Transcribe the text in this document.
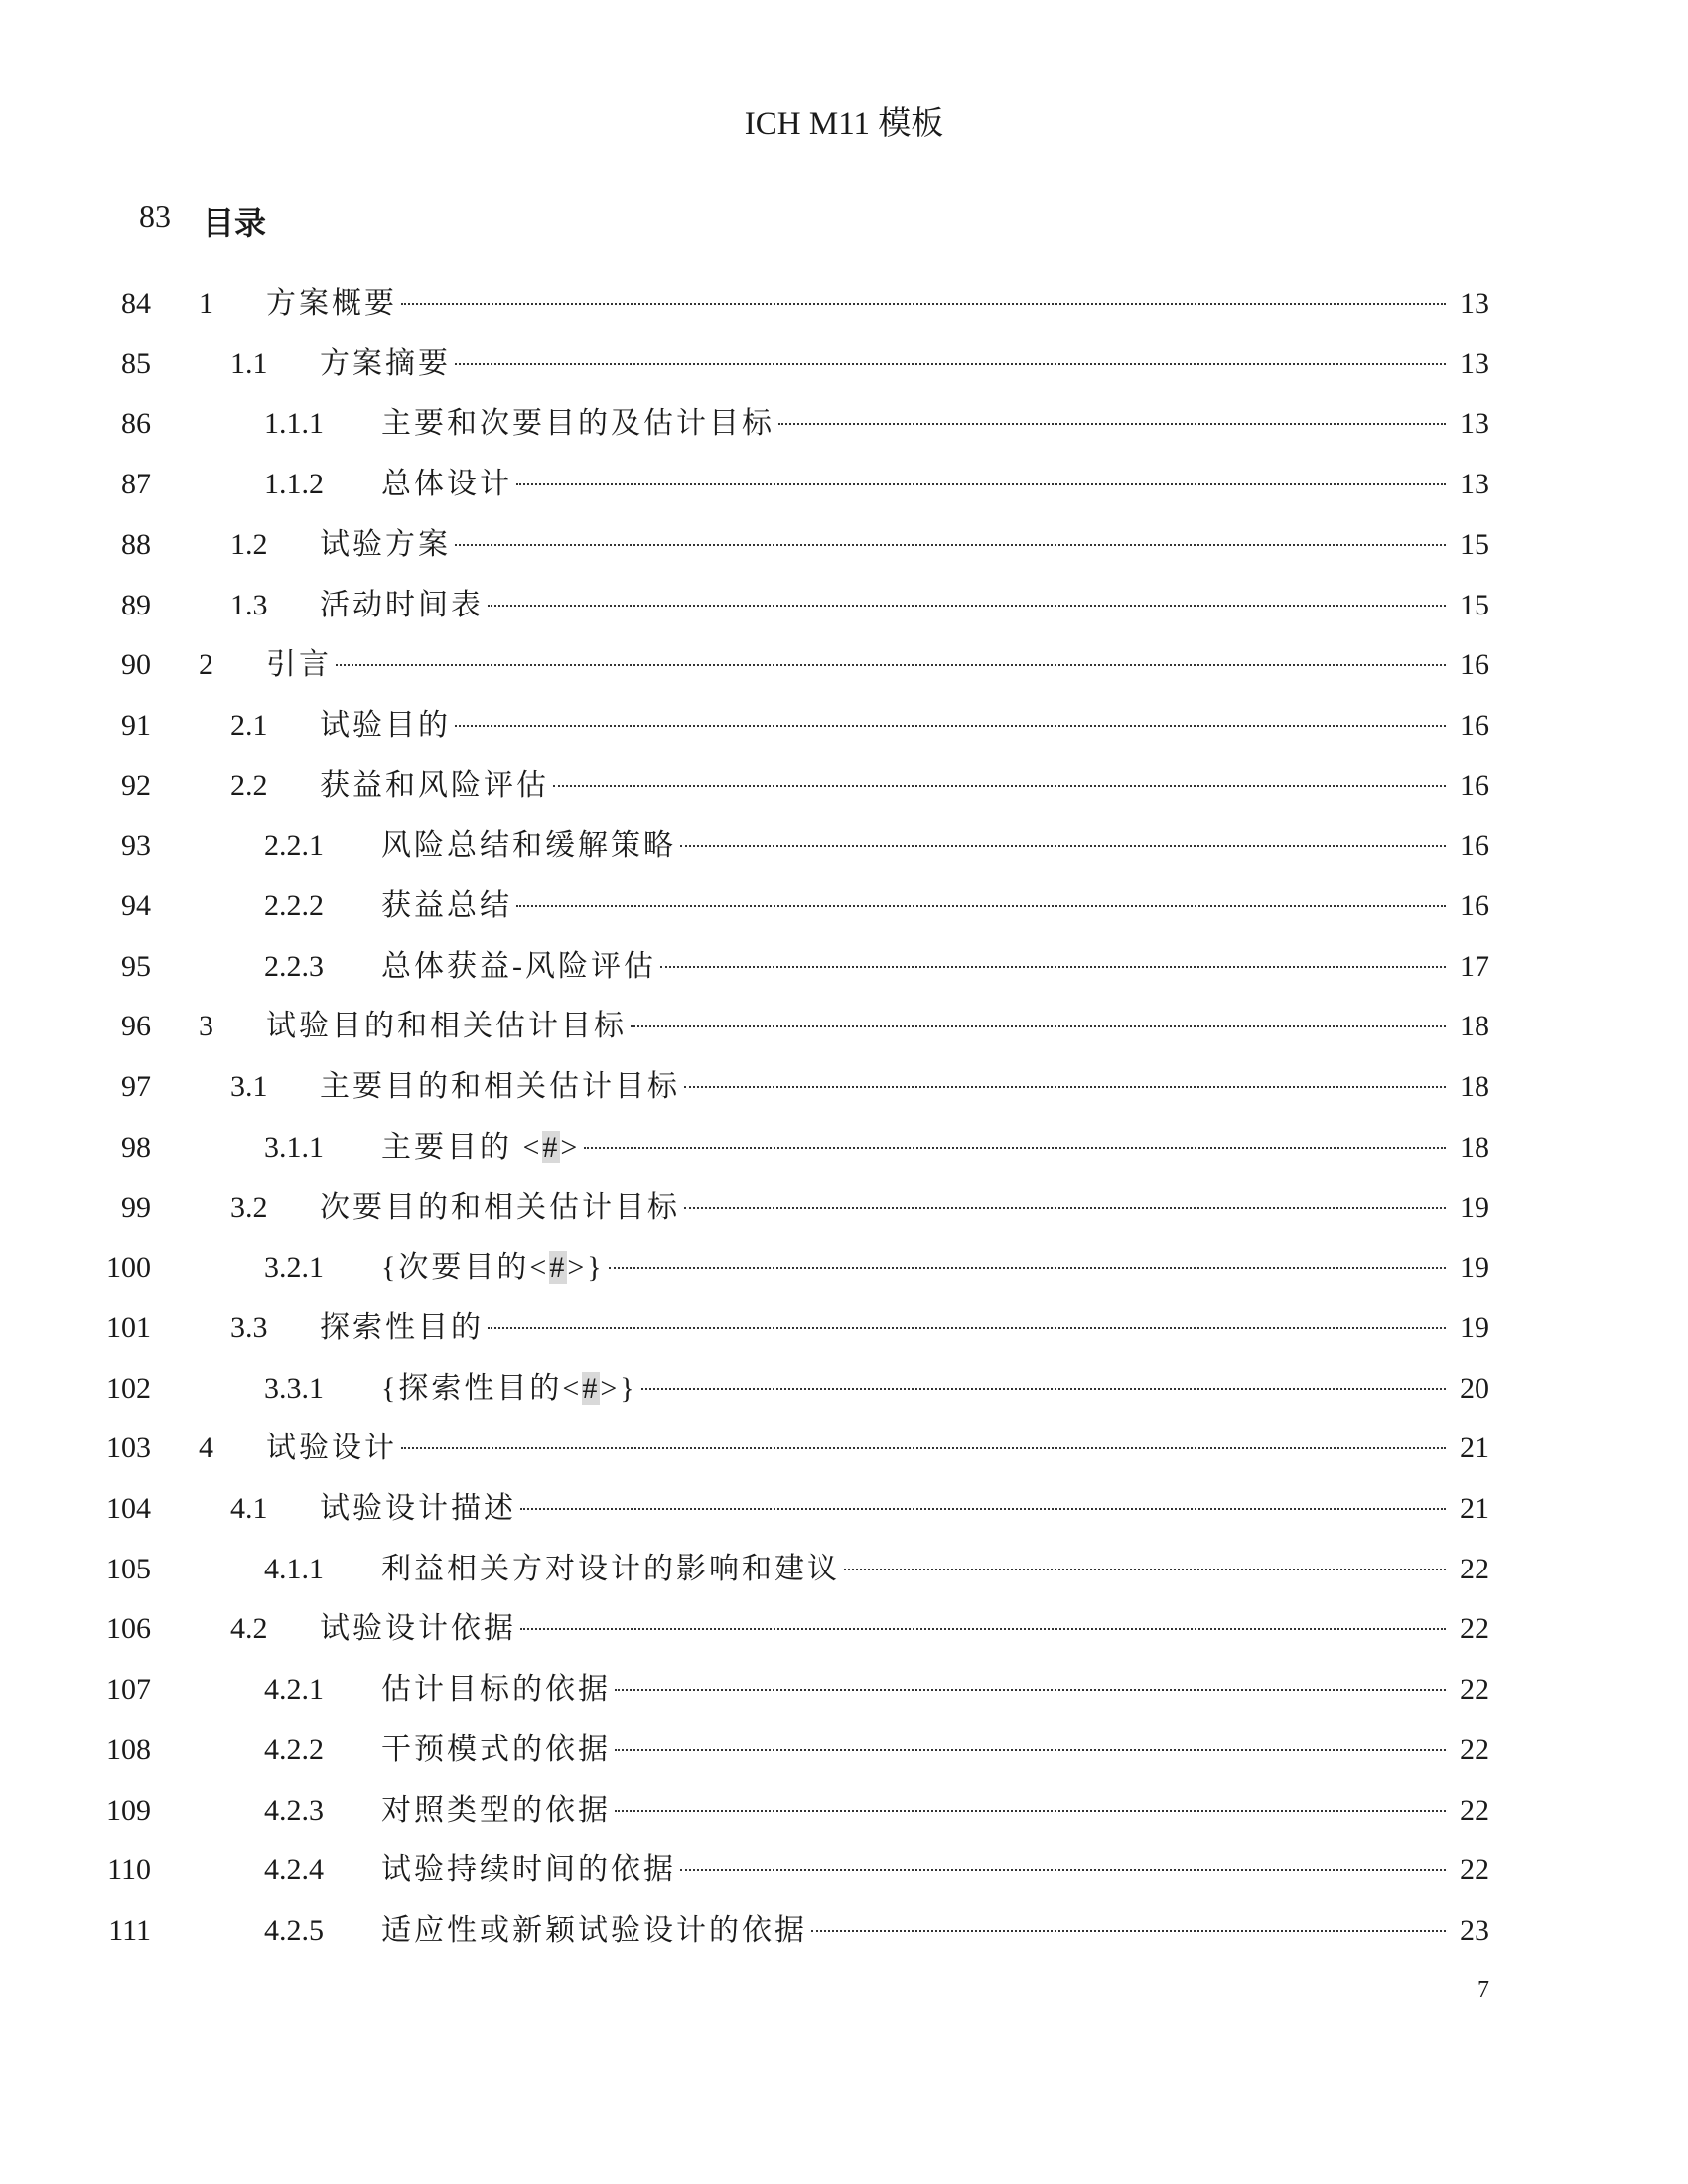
ICH M11 模板
83 目录
84 1 方案概要	13
85	1.1 方案摘要	13
86	1.1.1 主要和次要目的及估计目标	13
87	1.1.2 总体设计	13
88	1.2 试验方案	15
89	1.3 活动时间表	15
90 2 引言	16
91	2.1 试验目的	16
92	2.2 获益和风险评估	16
93	2.2.1 风险总结和缓解策略	16
94	2.2.2 获益总结	16
95	2.2.3 总体获益-风险评估	17
96 3 试验目的和相关估计目标	18
97	3.1 主要目的和相关估计目标	18
98	3.1.1 主要目的 <#>	18
99	3.2 次要目的和相关估计目标	19
100	3.2.1 {次要目的<#>}	19
101	3.3 探索性目的	19
102	3.3.1 {探索性目的<#>}	20
103 4 试验设计	21
104	4.1 试验设计描述	21
105	4.1.1 利益相关方对设计的影响和建议	22
106	4.2 试验设计依据	22
107	4.2.1 估计目标的依据	22
108	4.2.2 干预模式的依据	22
109	4.2.3 对照类型的依据	22
110	4.2.4 试验持续时间的依据	22
111	4.2.5 适应性或新颖试验设计的依据	23
7
